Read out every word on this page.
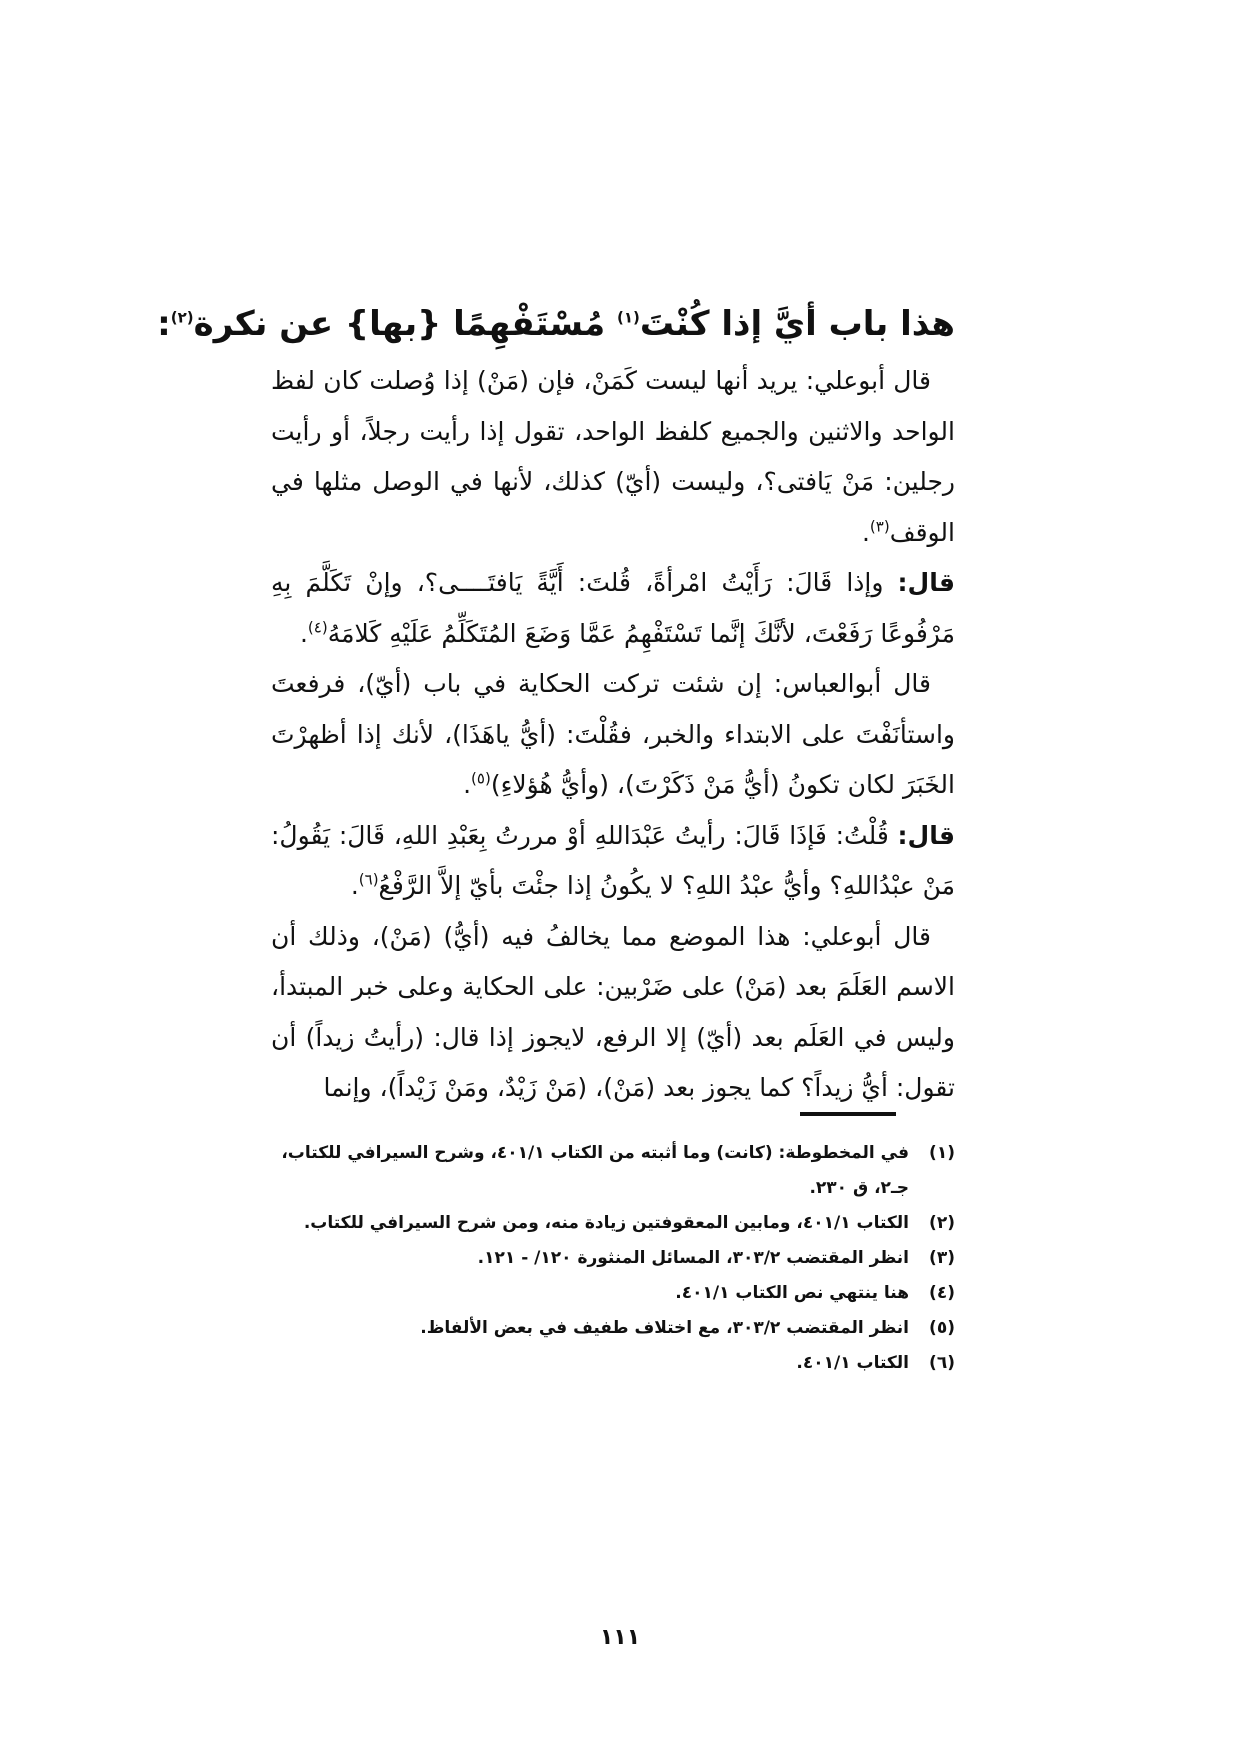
هذا باب أيَّ إذا كُنْتَ$^{(١)}$ مُسْتَفْهِمًا {بها} عن نكرة$^{(٢)}$:

قال أبوعلي: يريد أنها ليست كَمَنْ، فإن (مَنْ) إذا وُصلت كان لفظ الواحد والاثنين والجميع كلفظ الواحد، تقول إذا رأيت رجلاً، أو رأيت رجلين: مَنْ يَافتى؟، وليست (أيّ) كذلك، لأنها في الوصل مثلها في الوقف$^{(٣)}$.

قال: وإذا قَالَ: رَأَيْتُ امْرأةً، قُلتَ: أَيَّةً يَافتَــــى؟، وإنْ تَكَلَّمَ بِهِ مَرْفُوعًا رَفَعْتَ، لأنَّكَ إنَّما تَسْتَفْهِمُ عَمَّا وَضَعَ المُتَكَلِّمُ عَلَيْهِ كَلامَهُ$^{(٤)}$.

قال أبوالعباس: إن شئت تركت الحكاية في باب (أيّ)، فرفعتَ واستأنَفْتَ على الابتداء والخبر، فقُلْتَ: (أيُّ ياهَذَا)، لأنك إذا أظهرْتَ الخَبَرَ لكان تكونُ (أيُّ مَنْ ذَكَرْتَ)، (وأيُّ هُؤلاءِ)$^{(٥)}$.

قال: قُلْتُ: فَإذَا قَالَ: رأيتُ عَبْدَاللهِ أوْ مررتُ بِعَبْدِ اللهِ، قَالَ: يَقُولُ: مَنْ عبْدُاللهِ؟ وأيُّ عبْدُ اللهِ؟ لا يكُونُ إذا جئْتَ بأيّ إلاَّ الرَّفْعُ$^{(٦)}$.

قال أبوعلي: هذا الموضع مما يخالفُ فيه (أيُّ) (مَنْ)، وذلك أن الاسم العَلَمَ بعد (مَنْ) على ضَرْبين: على الحكاية وعلى خبر المبتدأ، وليس في العَلَم بعد (أيّ) إلا الرفع، لايجوز إذا قال: (رأيتُ زيداً) أن تقول: أيُّ زيداً؟ كما يجوز بعد (مَنْ)، (مَنْ زَيْدٌ، ومَنْ زَيْداً)، وإنما

(١)
في المخطوطة: (كانت) وما أثبته من الكتاب ٤٠١/١، وشرح السيرافي للكتاب، جـ٢، ق ٢٣٠.
(٢)
الكتاب ٤٠١/١، ومابين المعقوفتين زيادة منه، ومن شرح السيرافي للكتاب.
(٣)
انظر المقتضب ٣٠٣/٢، المسائل المنثورة ١٢٠/ - ١٢١.
(٤)
هنا ينتهي نص الكتاب ٤٠١/١.
(٥)
انظر المقتضب ٣٠٣/٢، مع اختلاف طفيف في بعض الألفاظ.
(٦)
الكتاب ٤٠١/١.
١١١
